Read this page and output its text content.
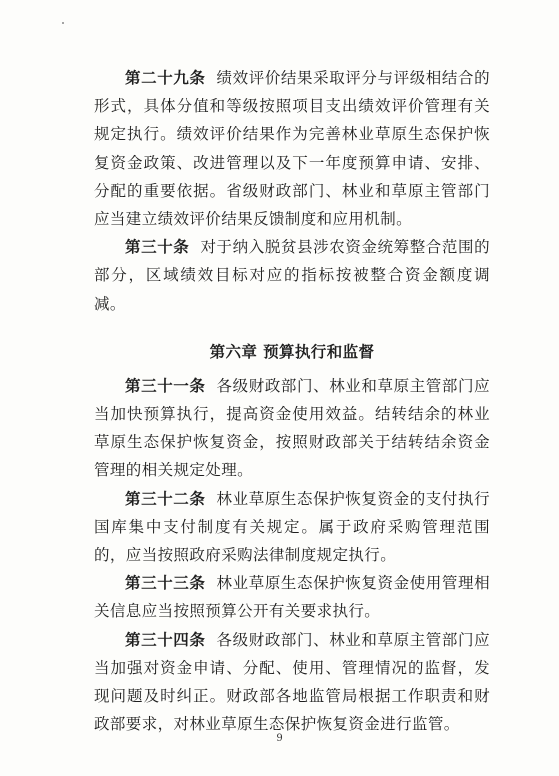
第二十九条 绩效评价结果采取评分与评级相结合的形式，具体分值和等级按照项目支出绩效评价管理有关规定执行。绩效评价结果作为完善林业草原生态保护恢复资金政策、改进管理以及下一年度预算申请、安排、分配的重要依据。省级财政部门、林业和草原主管部门应当建立绩效评价结果反馈制度和应用机制。

第三十条 对于纳入脱贫县涉农资金统筹整合范围的部分，区域绩效目标对应的指标按被整合资金额度调减。

第六章 预算执行和监督

第三十一条 各级财政部门、林业和草原主管部门应当加快预算执行，提高资金使用效益。结转结余的林业草原生态保护恢复资金，按照财政部关于结转结余资金管理的相关规定处理。

第三十二条 林业草原生态保护恢复资金的支付执行国库集中支付制度有关规定。属于政府采购管理范围的，应当按照政府采购法律制度规定执行。

第三十三条 林业草原生态保护恢复资金使用管理相关信息应当按照预算公开有关要求执行。

第三十四条 各级财政部门、林业和草原主管部门应当加强对资金申请、分配、使用、管理情况的监督，发现问题及时纠正。财政部各地监管局根据工作职责和财政部要求，对林业草原生态保护恢复资金进行监管。

9
